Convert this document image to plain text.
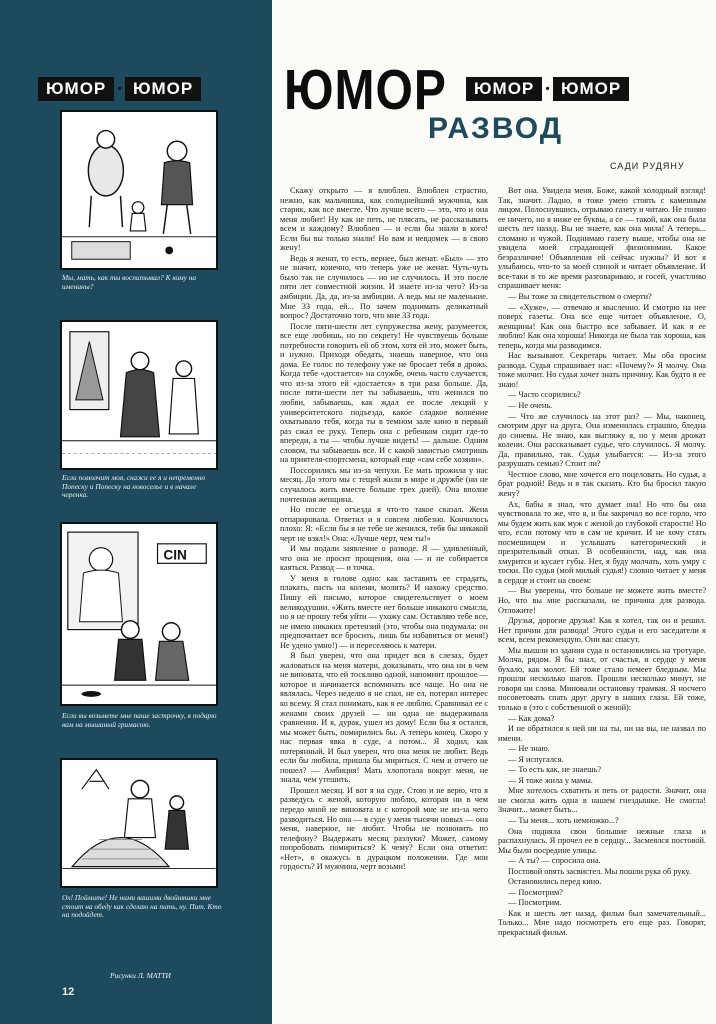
ЮМОР · ЮМОР ЮМОР	ЮМОР · ЮМОР
РАЗВОД
САДИ РУДЯНУ
Мы, мать, как ты воспитывал? К кому на именины?
Если помолчит моя, скажи ее я и непременно Попеску и Попеску на новоселье и в начале черенка.
CIN
Если вы возьмете мне паше застрочку, я подарю вам на мышиный гримасою.
Ох! Поймите! Не ними вашими двойняшки мне стоит на обеду как сделаю на пить, ну. Пит. Кто на подойдет.
Рисунки Л. МАТТИ
12

Скажу открыто — я влюблен. Влюблен страстно, нежно, как мальчишка, как солиднейший мужчина, как старик, как все вместе. Что лучше всего — это, что и она меня любит! Ну как не петь, не плясать, не рассказывать всем и каждому? Влюблен — и если бы знали в кого! Если бы вы только знали! Но вам и невдомек — в свою жену!

Ведь я женат, то есть, вернее, был женат. «Был» — это не значит, конечно, что теперь уже не женат. Чуть-чуть было так не случилось — но не случилось. И это после пяти лет совместной жизни. И знаете из-за чего? Из-за амбиции. Да, да, из-за амбиции. А ведь мы не маленькие. Мне 33 года, ей... По зачем поднимать деликатный вопрос? Достаточно того, что мне 33 года.

После пяти-шести лет супружества жену, разумеется, все еще любишь, но по секрету! Не чувствуешь больше потребности говорить ей об этом, хотя ей это, может быть, и нужно. Приходя обедать, знаешь наверное, что она дома. Ее голос по телефону уже не бросает тебя в дрожь. Когда тебе «достается» на службе, очень часто случается, что из-за этого ей «достается» в три раза больше. Да, после пяти-шести лет ты забываешь, что женился по любви, забываешь, как ждал ее после лекций у университетского подъезда, какое сладкое волнение охватывало тебя, когда ты в темном зале кино в первый раз сжал ее руку. Теперь она с ребенком сидит где-то впереди, а ты — чтобы лучше видеть! — дальше. Одним словом, ты забываешь все. И с какой завистью смотришь на приятеля-спортсмена, который еще «сам себе хозяин».

Поссорились мы из-за чепухи. Ее мать прожила у нас месяц. До этого мы с тещей жили в мире и дружбе (ни не случалось жить вместе больше трех дней). Она вполне почтенная женщина.

Но после ее отъезда я что-то такое сказал. Жена отпарировала. Ответил и я совсем любезно. Кончилось плохо: Я: «Если бы я не тебе не женился, тебя бы никакой черт не взял!» Она: «Лучше черт, чем ты!»

И мы подали заявление о разводе. Я — удивленный, что она не просит прощения, она — и не собирается каяться. Развод — и точка.

У меня в голове одно: как заставить ее страдать, плакать, пасть на колени, молить? И нахожу средство. Пишу ей письмо, которое свидетельствует о моем великодушии. «Жить вместе нет больше никакого смысла, но я не прошу тебя уйти — ухожу сам. Оставляю тебе все, не имею никаких претензий (это, чтобы она подумала: он предпочитает все бросить, лишь бы избавиться от меня!) Не удено умно!) — и переселяюсь к матери.

Я был уверен, что она придет вся в слезах, будет жаловаться на меня матери, доказывать, что она ни в чем не виновата, что ей тоскливо одной, напомнит прошлое — которое и начинается вспоминать все чаще. Но она не являлась. Через неделю я не спал, не ел, потерял интерес ко всему. Я стал понимать, как я ее люблю. Сравнивал ее с женами своих друзей — ни одна не выдерживала сравнения. И я, дурак, ушел из дому! Если бы я остался, мы может быть, помирились бы. А теперь конец. Скоро у нас первая явка в суде, а потом... Я ходил, как потерянный. И был уверен, что она меня не любит. Ведь если бы любила, пришла бы мириться. С чем и отчего не пошел? — Амбиция! Мать хлопотала вокруг меня, не знала, чем утешить.

Прошел месяц. И вот я на суде. Стою и не верю, что я разведусь с женой, которую люблю, которая ни в чем передо мной не виновата и с которой мне не из-за чего разводиться. Но она — в суде у меня тысячи новых — она меня, наверное, не любит. Чтобы не позвонить по телефону? Выдержать месяц разлуки? Может, самому попробовать помириться? К чему? Если она ответит: «Нет», я окажусь в дурацком положении. Где мои гордость? И мужчина, черт возьми!

Вот она. Увидела меня. Боже, какой холодный взгляд! Так, значит. Ладно, я тоже умею стоять с каменным лицом. Полоснувшись, отрываю газету и читаю. Не гоняю ее ничего, но я ниже ее буквы, а се — такой, как она была шесть лет назад. Вы не знаете, как она мила! А теперь... сломано и чужой. Поднимаю газету выше, чтобы она не увидела моей страдающей физиономии. Какое безразличие! Объявления ей сейчас нужны? И вот я улыбаюсь, что-то за моей спиной и читает объявление. И все-таки в то же время разговариваю, и госей, участливо спрашивает меня:

— Вы тоже за свидетельством о смерти?

— «Хуже», — отвечаю я мысленно. И смотрю на нее поверх газеты. Она все еще читает объявление. О, женщины! Как она быстро все забывает. И как я ее люблю! Как она хороша! Никогда не была так хороша, как теперь, когда мы разводимся.

Нас вызывают. Секретарь читает. Мы оба просим развода. Судья спрашивает нас: «Почему?» Я молчу. Она тоже молчит. Но судья хочет знать причину. Как будто я ее знаю!

— Часто ссорились?

— Не очень.

— Что же случилось на этот раз? — Мы, наконец, смотрим друг на друга. Она изменилась страшно, бледна до синевы. Не знаю, как выгляжу я, но у меня дрожат колени. Она рассказывает судье, что случилось. Я молчу. Да, правильно, так. Судья улыбается: — Из-за этого разрушать семью? Стоит ли?

Честное слово, мне хочется его поцеловать. Но судья, а брат родной! Ведь и я так сказать. Кто бы бросил такую жену?

Ах, бабы я знал, что думает она! Но что бы она чувствовала то же, что я, и бы закричал во все горло, что мы будем жить как муж с женой до глубокой старости! Но что, если потому что я сам не кричит. И не хочу стать посмешищем и услышать категорический и презрительный отказ. В особенности, над, как она хмурится и кусает губы. Нет, я буду молчать, хоть умру с тоски. По судья (мой милый судья!) словно читает у меня в сердце и стоит на своем:

— Вы уверены, что больше не можете жить вместе? Но, что вы мне рассказали, не причина для развода. Отложите!

Друзья, дорогие друзья! Как я хотел, так он и решил. Нет причин для развода! Этого судья и его заседатели я всем, всем рекомендую. Они вас спасут.

Мы вышли из здания суда и остановились на тротуаре. Молча, рядом. Я бы знал, от счастья, и сердце у меня бухало, как молот. Ей тоже стало немеет бледным. Мы прошли несколько шагов. Прошли несколько минут, не говоря ни слова. Миновали остановку трамвая. Я носчего посоветовать спать друг другу в наших глаза. Ей тоже, только я (это с собственной о женой):

— Как дома?

И не обратился к ней ни на ты, ни на вы, не назвал по имени.

— Не знаю.

— Я испугался.

— То есть как, не знаешь?

— Я тоже жила у мамы.

Мне хотелось схватить и петь от радости. Значит, она не смогла жить одна в нашем гнездышке. Не смогла! Значит... может быть...

— Ты меня... хоть немножко...?

Она подняла свои большие нежные глаза и распахнулась. Я прочел ее в сердцу... Засмеялся постовой. Мы были посредине улицы.

— А ты? — спросила она.

Постовой опять засвистел. Мы пошли рука об руку.

Остановились перед кино.

— Посмотрим?

— Посмотрим.

Как и шесть лет назад, фильм был замечательный... Только... Мне надо посмотреть его еще раз. Говорят, прекрасный фильм.
